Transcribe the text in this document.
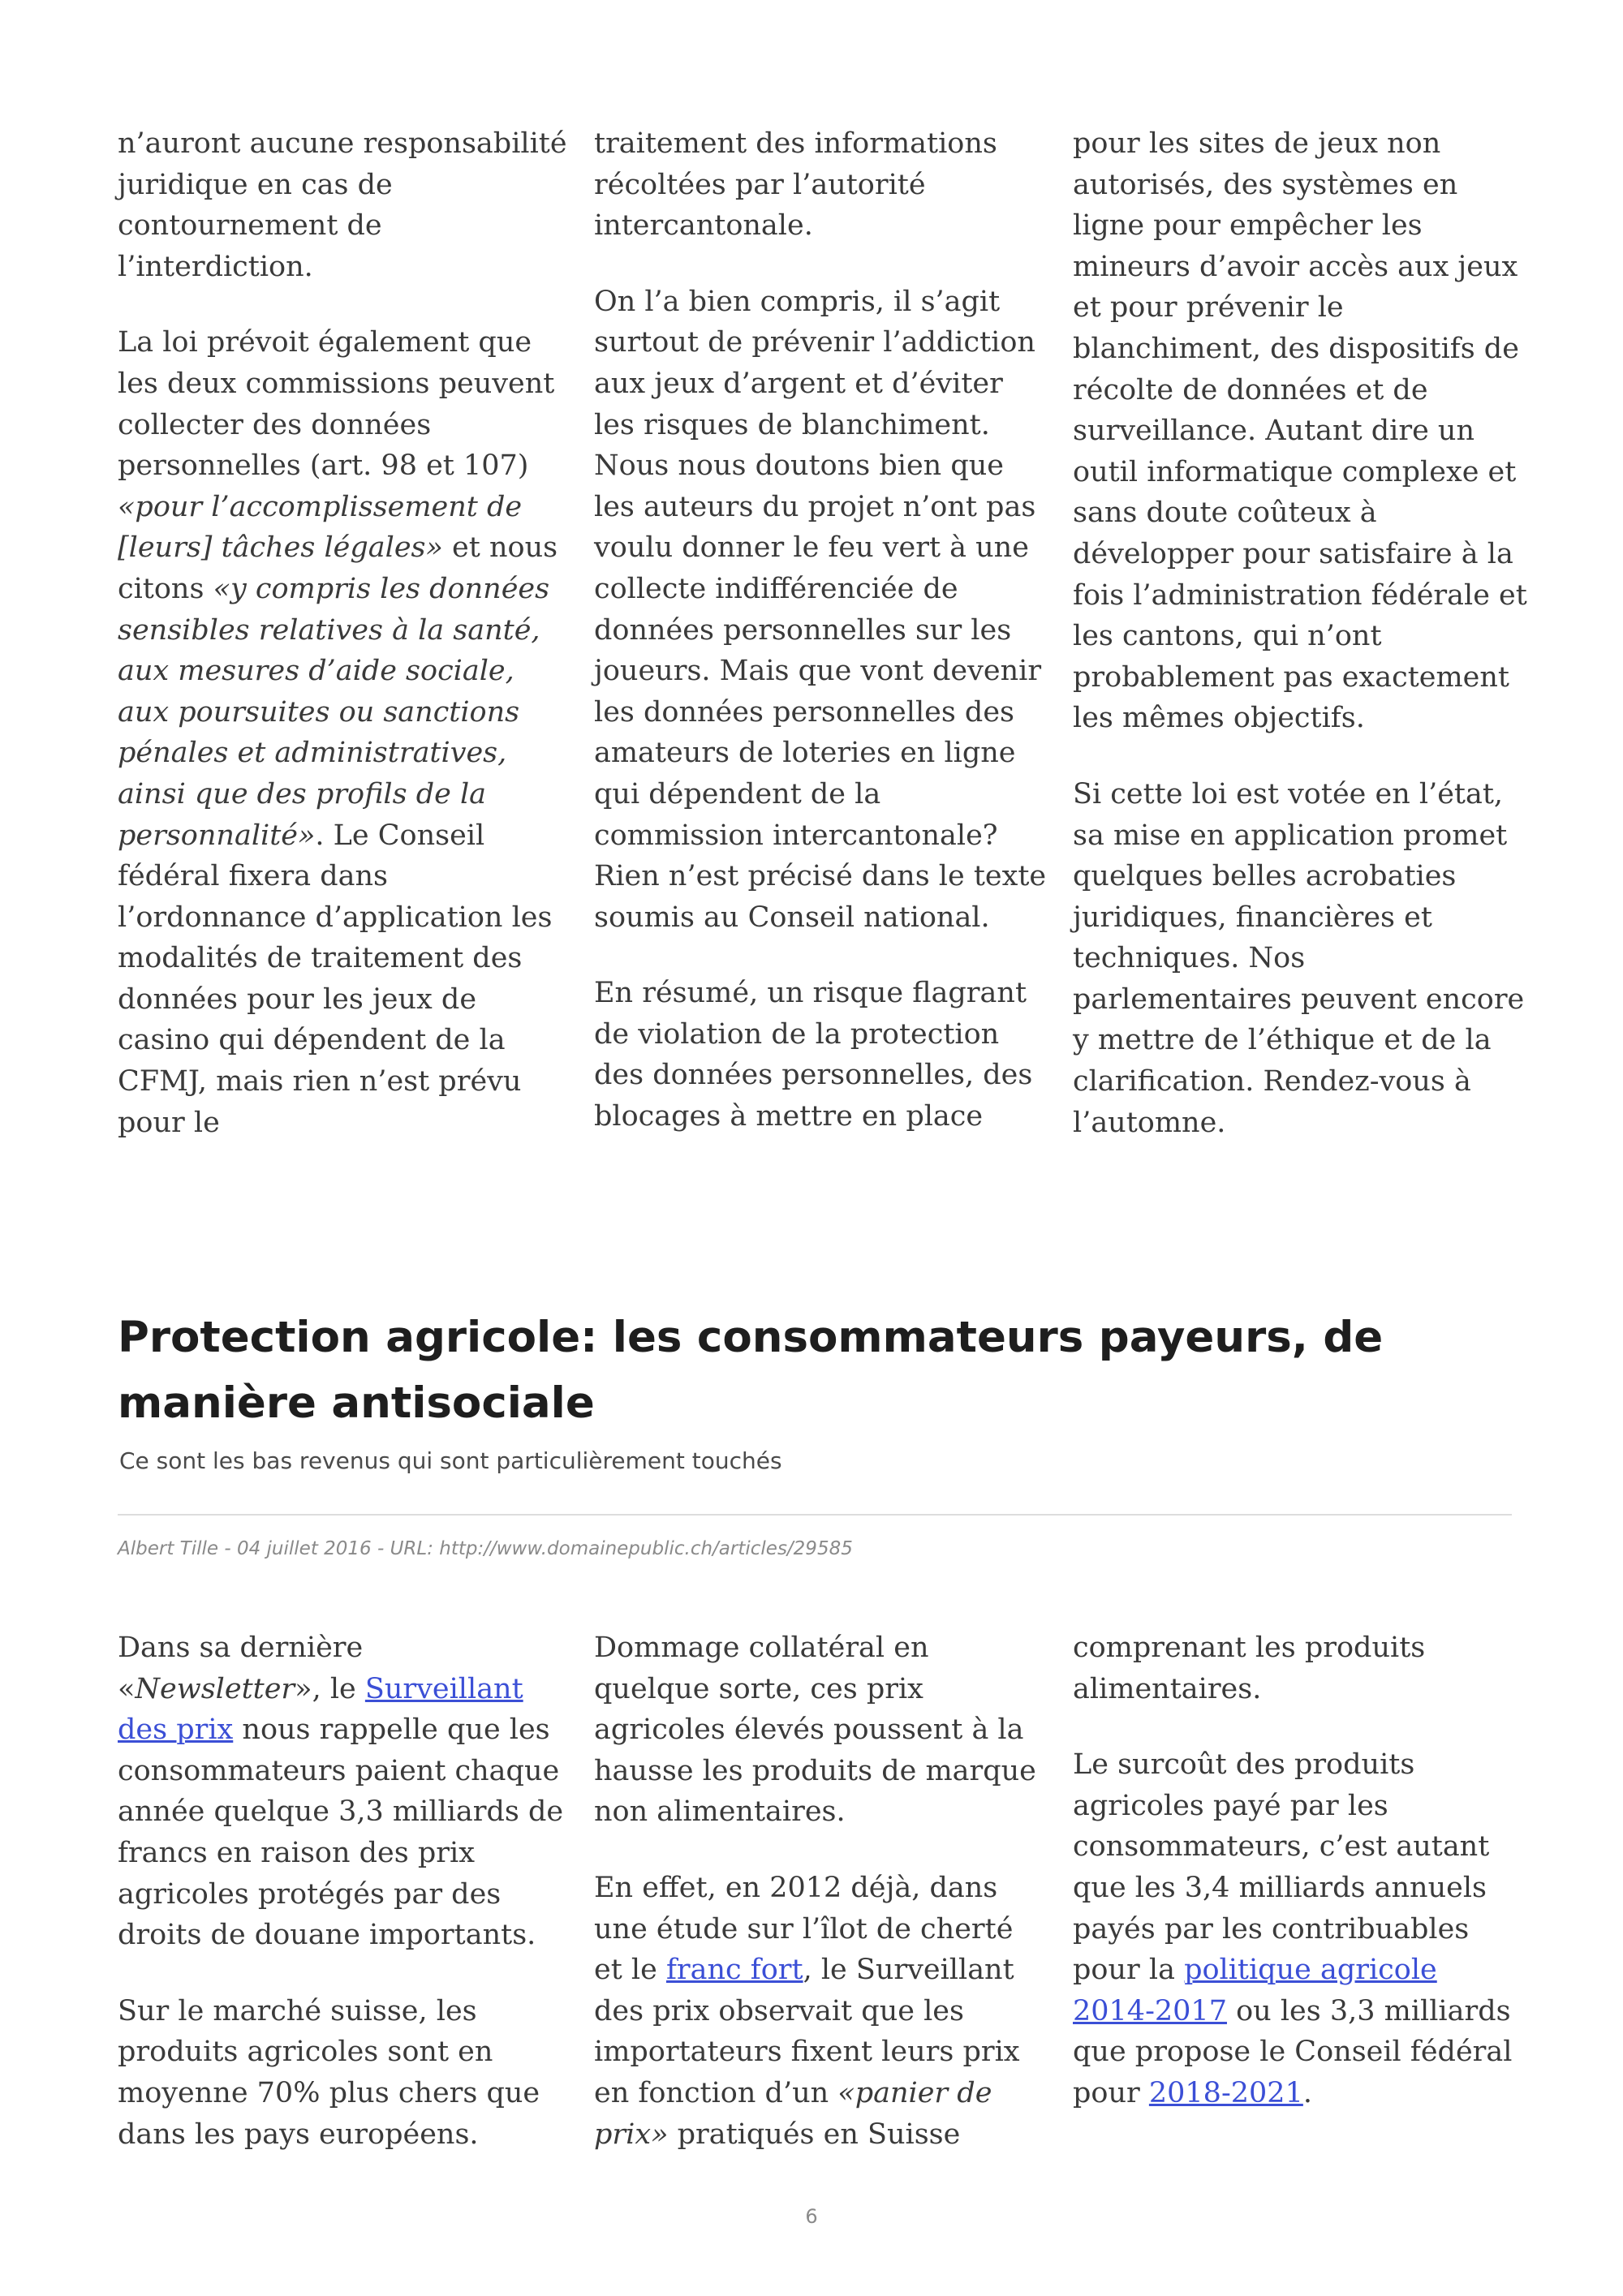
n’auront aucune responsabilité juridique en cas de contournement de l’interdiction.

La loi prévoit également que les deux commissions peuvent collecter des données personnelles (art. 98 et 107) «pour l’accomplissement de [leurs] tâches légales» et nous citons «y compris les données sensibles relatives à la santé, aux mesures d’aide sociale, aux poursuites ou sanctions pénales et administratives, ainsi que des profils de la personnalité». Le Conseil fédéral fixera dans l’ordonnance d’application les modalités de traitement des données pour les jeux de casino qui dépendent de la CFMJ, mais rien n’est prévu pour le

traitement des informations récoltées par l’autorité intercantonale.

On l’a bien compris, il s’agit surtout de prévenir l’addiction aux jeux d’argent et d’éviter les risques de blanchiment. Nous nous doutons bien que les auteurs du projet n’ont pas voulu donner le feu vert à une collecte indifférenciée de données personnelles sur les joueurs. Mais que vont devenir les données personnelles des amateurs de loteries en ligne qui dépendent de la commission intercantonale? Rien n’est précisé dans le texte soumis au Conseil national.

En résumé, un risque flagrant de violation de la protection des données personnelles, des blocages à mettre en place

pour les sites de jeux non autorisés, des systèmes en ligne pour empêcher les mineurs d’avoir accès aux jeux et pour prévenir le blanchiment, des dispositifs de récolte de données et de surveillance. Autant dire un outil informatique complexe et sans doute coûteux à développer pour satisfaire à la fois l’administration fédérale et les cantons, qui n’ont probablement pas exactement les mêmes objectifs.

Si cette loi est votée en l’état, sa mise en application promet quelques belles acrobaties juridiques, financières et techniques. Nos parlementaires peuvent encore y mettre de l’éthique et de la clarification. Rendez-vous à l’automne.

Protection agricole: les consommateurs payeurs, de manière antisociale
Ce sont les bas revenus qui sont particulièrement touchés
Albert Tille - 04 juillet 2016 - URL: http://www.domainepublic.ch/articles/29585

Dans sa dernière «Newsletter», le Surveillant des prix nous rappelle que les consommateurs paient chaque année quelque 3,3 milliards de francs en raison des prix agricoles protégés par des droits de douane importants.

Sur le marché suisse, les produits agricoles sont en moyenne 70% plus chers que dans les pays européens.

Dommage collatéral en quelque sorte, ces prix agricoles élevés poussent à la hausse les produits de marque non alimentaires.

En effet, en 2012 déjà, dans une étude sur l’îlot de cherté et le franc fort, le Surveillant des prix observait que les importateurs fixent leurs prix en fonction d’un «panier de prix» pratiqués en Suisse

comprenant les produits alimentaires.

Le surcoût des produits agricoles payé par les consommateurs, c’est autant que les 3,4 milliards annuels payés par les contribuables pour la politique agricole 2014-2017 ou les 3,3 milliards que propose le Conseil fédéral pour 2018-2021.

6
